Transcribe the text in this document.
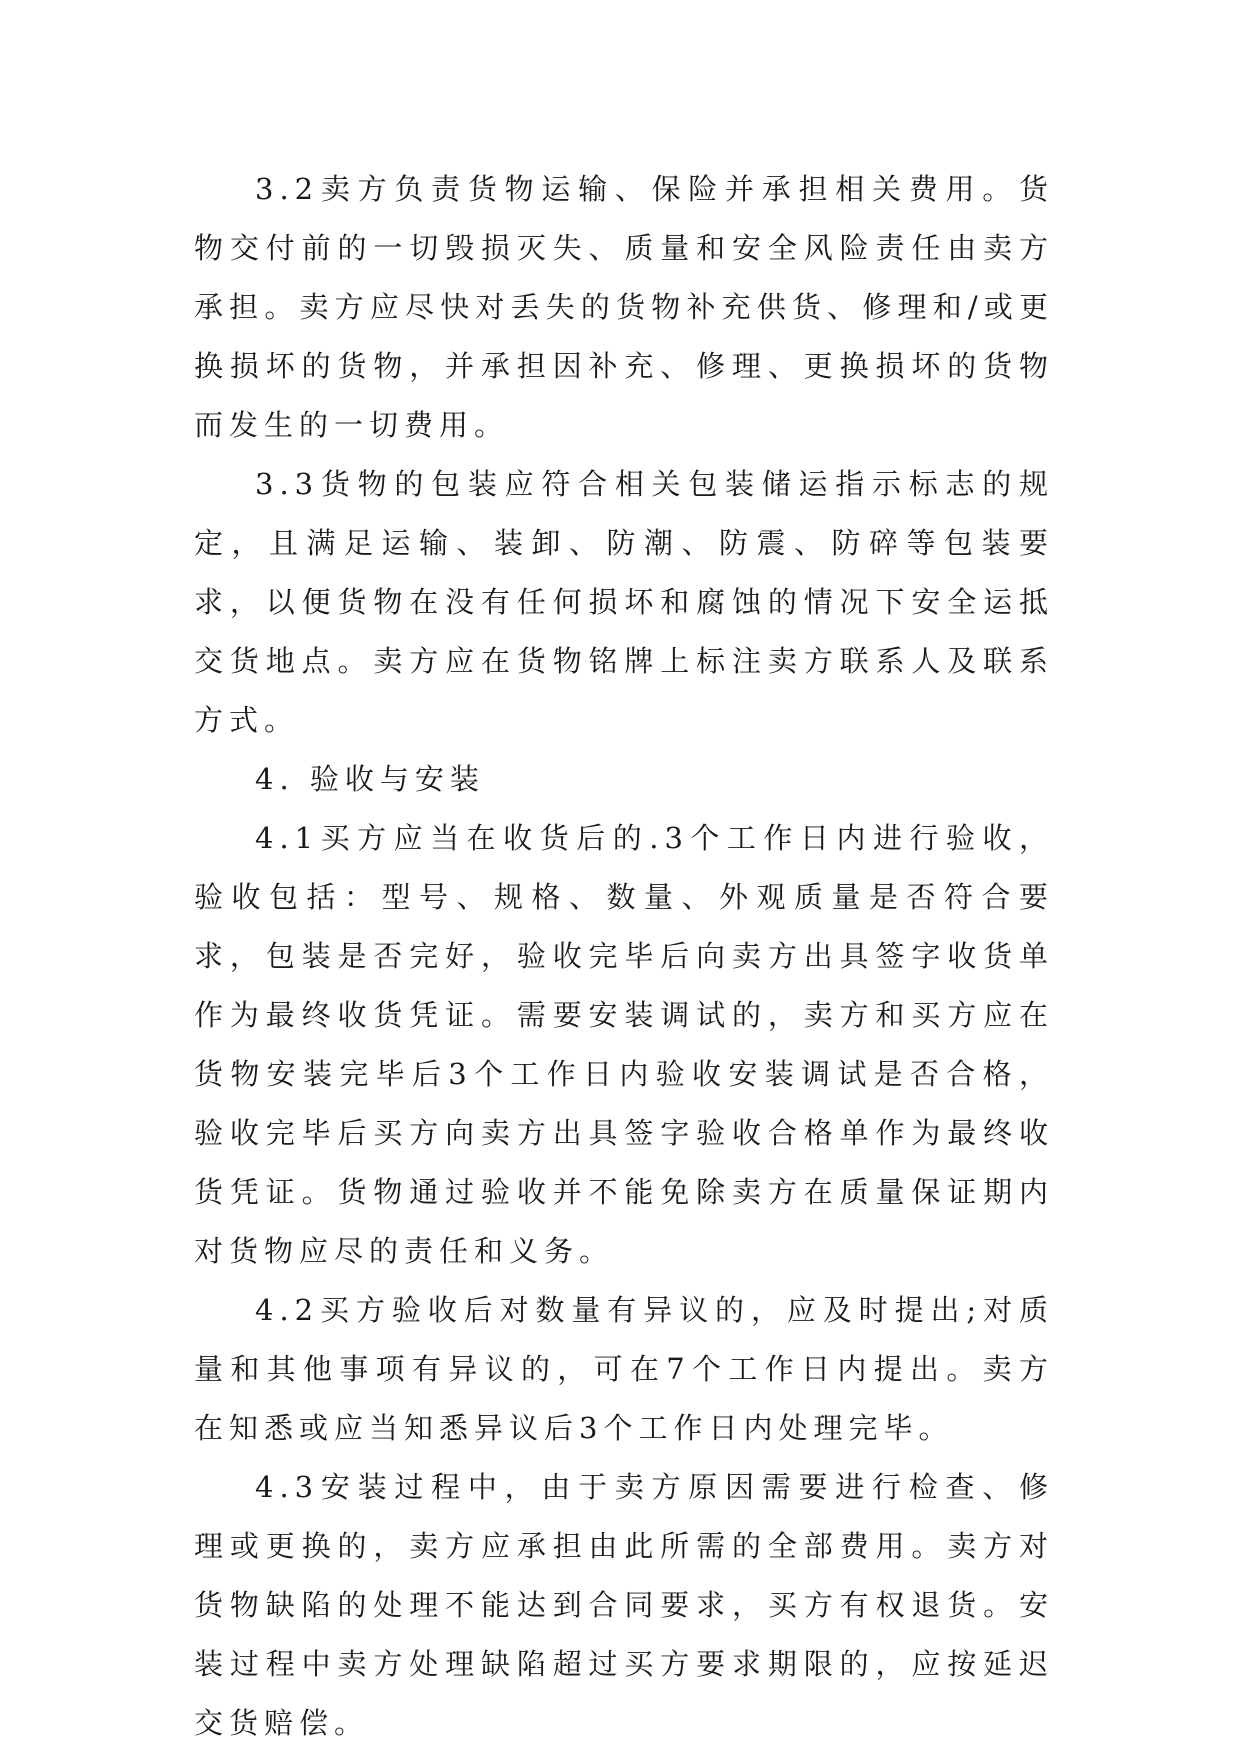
3.2卖方负责货物运输、保险并承担相关费用。货物交付前的一切毁损灭失、质量和安全风险责任由卖方承担。卖方应尽快对丢失的货物补充供货、修理和/或更换损坏的货物，并承担因补充、修理、更换损坏的货物而发生的一切费用。

3.3货物的包装应符合相关包装储运指示标志的规定，且满足运输、装卸、防潮、防震、防碎等包装要求，以便货物在没有任何损坏和腐蚀的情况下安全运抵交货地点。卖方应在货物铭牌上标注卖方联系人及联系方式。

4. 验收与安装

4.1买方应当在收货后的.3个工作日内进行验收，验收包括：型号、规格、数量、外观质量是否符合要求，包装是否完好，验收完毕后向卖方出具签字收货单作为最终收货凭证。需要安装调试的，卖方和买方应在货物安装完毕后3个工作日内验收安装调试是否合格，验收完毕后买方向卖方出具签字验收合格单作为最终收货凭证。货物通过验收并不能免除卖方在质量保证期内对货物应尽的责任和义务。

4.2买方验收后对数量有异议的，应及时提出;对质量和其他事项有异议的，可在7个工作日内提出。卖方在知悉或应当知悉异议后3个工作日内处理完毕。

4.3安装过程中，由于卖方原因需要进行检查、修理或更换的，卖方应承担由此所需的全部费用。卖方对货物缺陷的处理不能达到合同要求，买方有权退货。安装过程中卖方处理缺陷超过买方要求期限的，应按延迟交货赔偿。
